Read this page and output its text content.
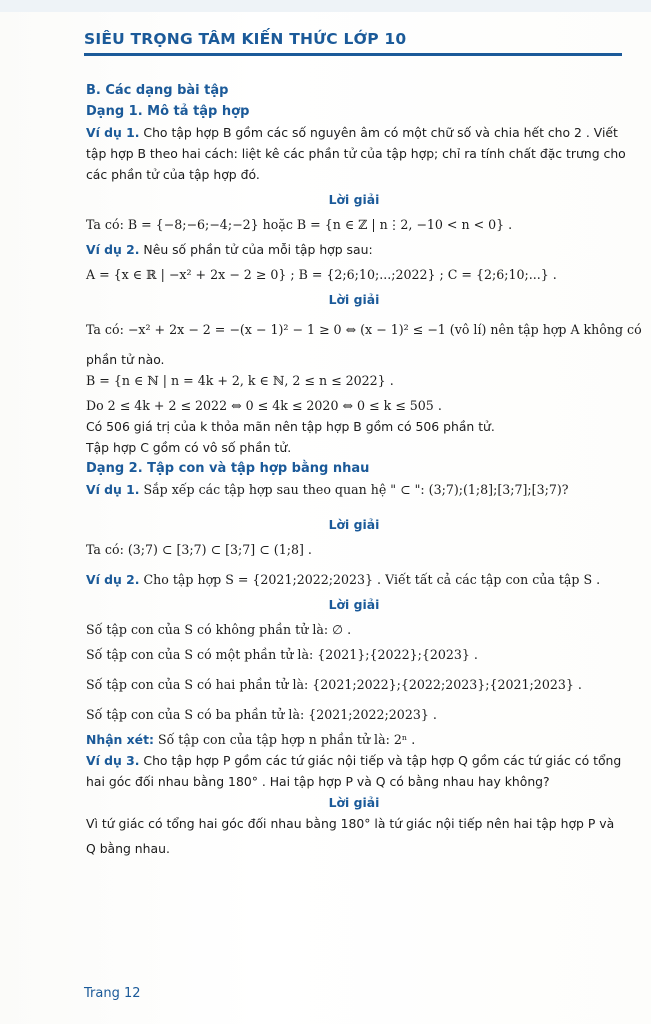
SIÊU TRỌNG TÂM KIẾN THỨC LỚP 10
B. Các dạng bài tập
Dạng 1. Mô tả tập hợp
Ví dụ 1. Cho tập hợp B gồm các số nguyên âm có một chữ số và chia hết cho 2 . Viết
tập hợp B theo hai cách: liệt kê các phần tử của tập hợp; chỉ ra tính chất đặc trưng cho
các phần tử của tập hợp đó.
Lời giải
Ta có: B = {−8;−6;−4;−2} hoặc B = {n ∈ ℤ | n⋮2, −10 < n < 0} .
Ví dụ 2. Nêu số phần tử của mỗi tập hợp sau:
A = {x ∈ ℝ | −x² + 2x − 2 ≥ 0} ; B = {2;6;10;...;2022} ; C = {2;6;10;...} .
Lời giải
Ta có: −x² + 2x − 2 = −(x − 1)² − 1 ≥ 0 ⇔ (x − 1)² ≤ −1 (vô lí) nên tập hợp A không có
phần tử nào.
B = {n ∈ ℕ | n = 4k + 2, k ∈ ℕ, 2 ≤ n ≤ 2022} .
Do 2 ≤ 4k + 2 ≤ 2022 ⇔ 0 ≤ 4k ≤ 2020 ⇔ 0 ≤ k ≤ 505 .
Có 506 giá trị của k thỏa mãn nên tập hợp B gồm có 506 phần tử.
Tập hợp C gồm có vô số phần tử.
Dạng 2. Tập con và tập hợp bằng nhau
Ví dụ 1. Sắp xếp các tập hợp sau theo quan hệ " ⊂ ": (3;7);(1;8];[3;7];[3;7)?
Lời giải
Ta có: (3;7) ⊂ [3;7) ⊂ [3;7] ⊂ (1;8] .
Ví dụ 2. Cho tập hợp S = {2021;2022;2023} . Viết tất cả các tập con của tập S .
Lời giải
Số tập con của S có không phần tử là: ∅ .
Số tập con của S có một phần tử là: {2021};{2022};{2023} .
Số tập con của S có hai phần tử là: {2021;2022};{2022;2023};{2021;2023} .
Số tập con của S có ba phần tử là: {2021;2022;2023} .
Nhận xét: Số tập con của tập hợp n phần tử là: 2ⁿ .
Ví dụ 3. Cho tập hợp P gồm các tứ giác nội tiếp và tập hợp Q gồm các tứ giác có tổng
hai góc đối nhau bằng 180° . Hai tập hợp P và Q có bằng nhau hay không?
Lời giải
Vì tứ giác có tổng hai góc đối nhau bằng 180° là tứ giác nội tiếp nên hai tập hợp P và
Q bằng nhau.
Trang 12
